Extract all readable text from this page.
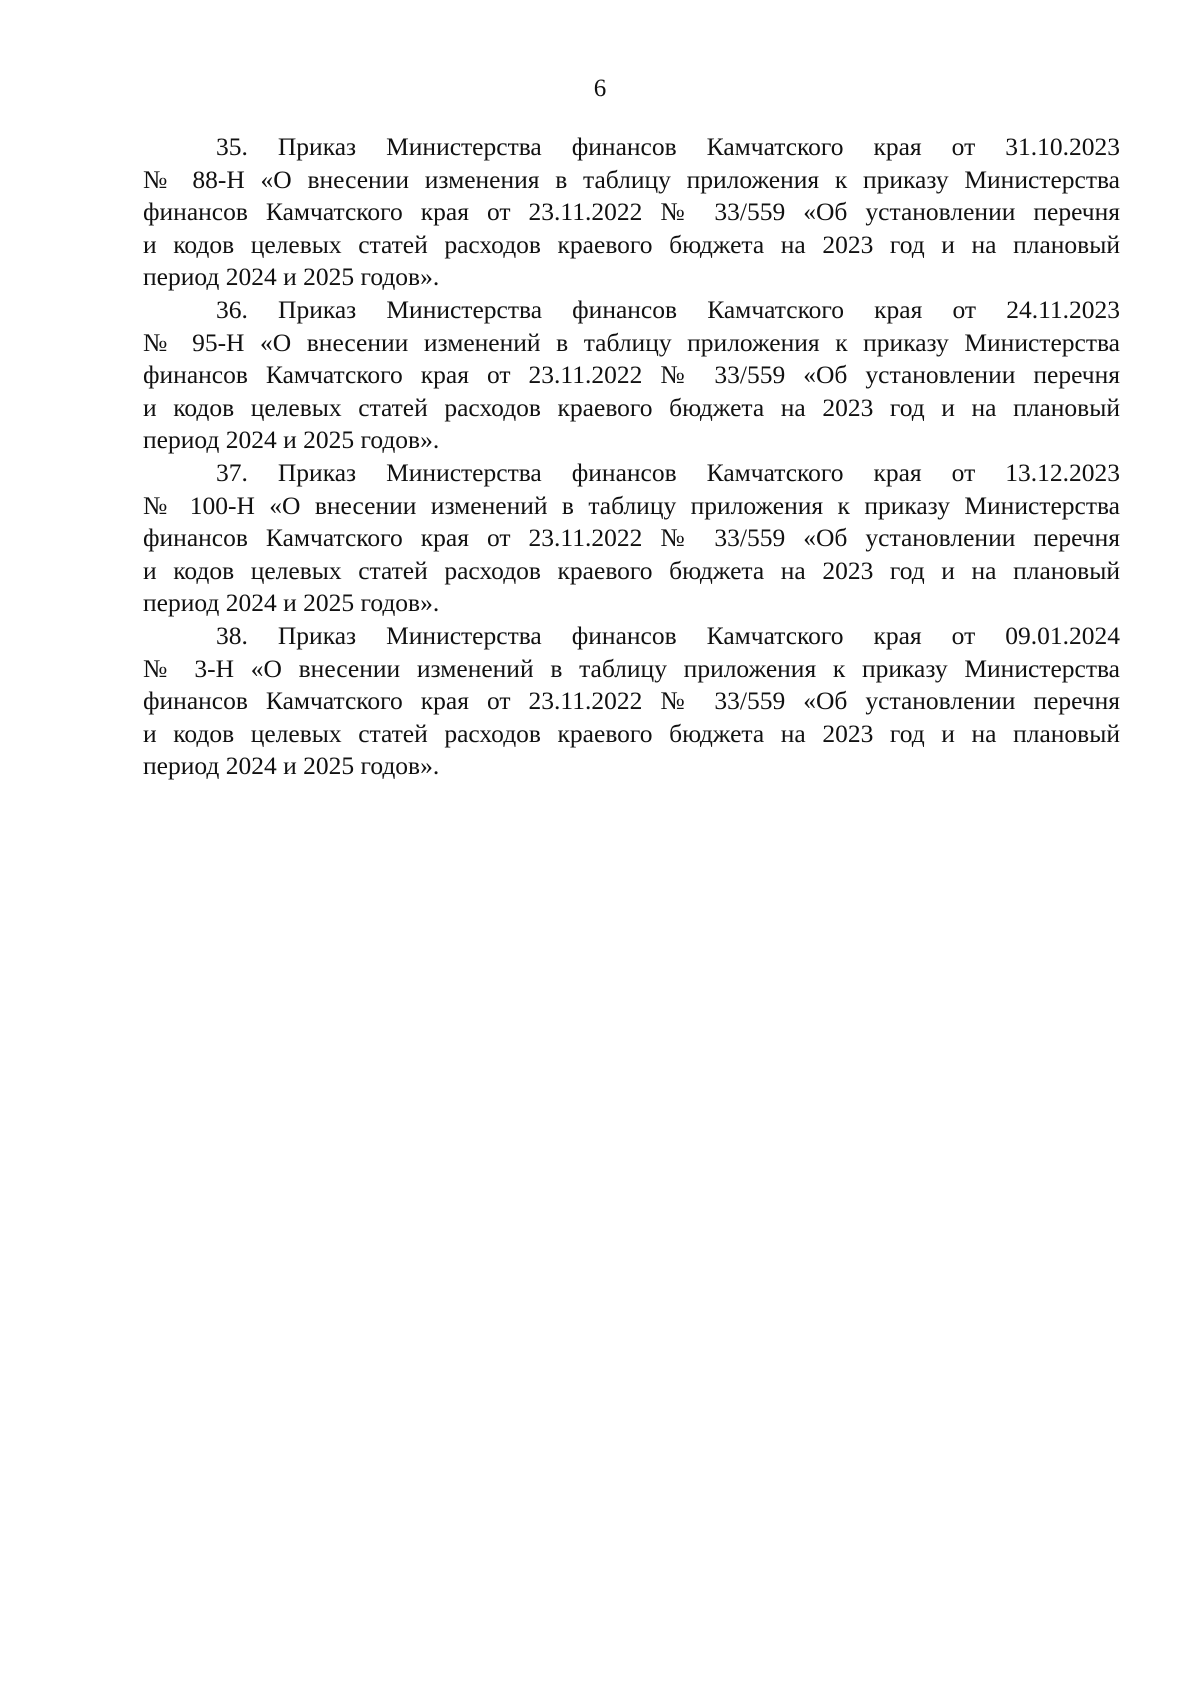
6

35. Приказ Министерства финансов Камчатского края от 31.10.2023
№ 88-Н «О внесении изменения в таблицу приложения к приказу Министерства
финансов Камчатского края от 23.11.2022 № 33/559 «Об установлении перечня
и кодов целевых статей расходов краевого бюджета на 2023 год и на плановый
период 2024 и 2025 годов».

36. Приказ Министерства финансов Камчатского края от 24.11.2023
№ 95-Н «О внесении изменений в таблицу приложения к приказу Министерства
финансов Камчатского края от 23.11.2022 № 33/559 «Об установлении перечня
и кодов целевых статей расходов краевого бюджета на 2023 год и на плановый
период 2024 и 2025 годов».

37. Приказ Министерства финансов Камчатского края от 13.12.2023
№ 100-Н «О внесении изменений в таблицу приложения к приказу Министерства
финансов Камчатского края от 23.11.2022 № 33/559 «Об установлении перечня
и кодов целевых статей расходов краевого бюджета на 2023 год и на плановый
период 2024 и 2025 годов».

38. Приказ Министерства финансов Камчатского края от 09.01.2024
№ 3-Н «О внесении изменений в таблицу приложения к приказу Министерства
финансов Камчатского края от 23.11.2022 № 33/559 «Об установлении перечня
и кодов целевых статей расходов краевого бюджета на 2023 год и на плановый
период 2024 и 2025 годов».
